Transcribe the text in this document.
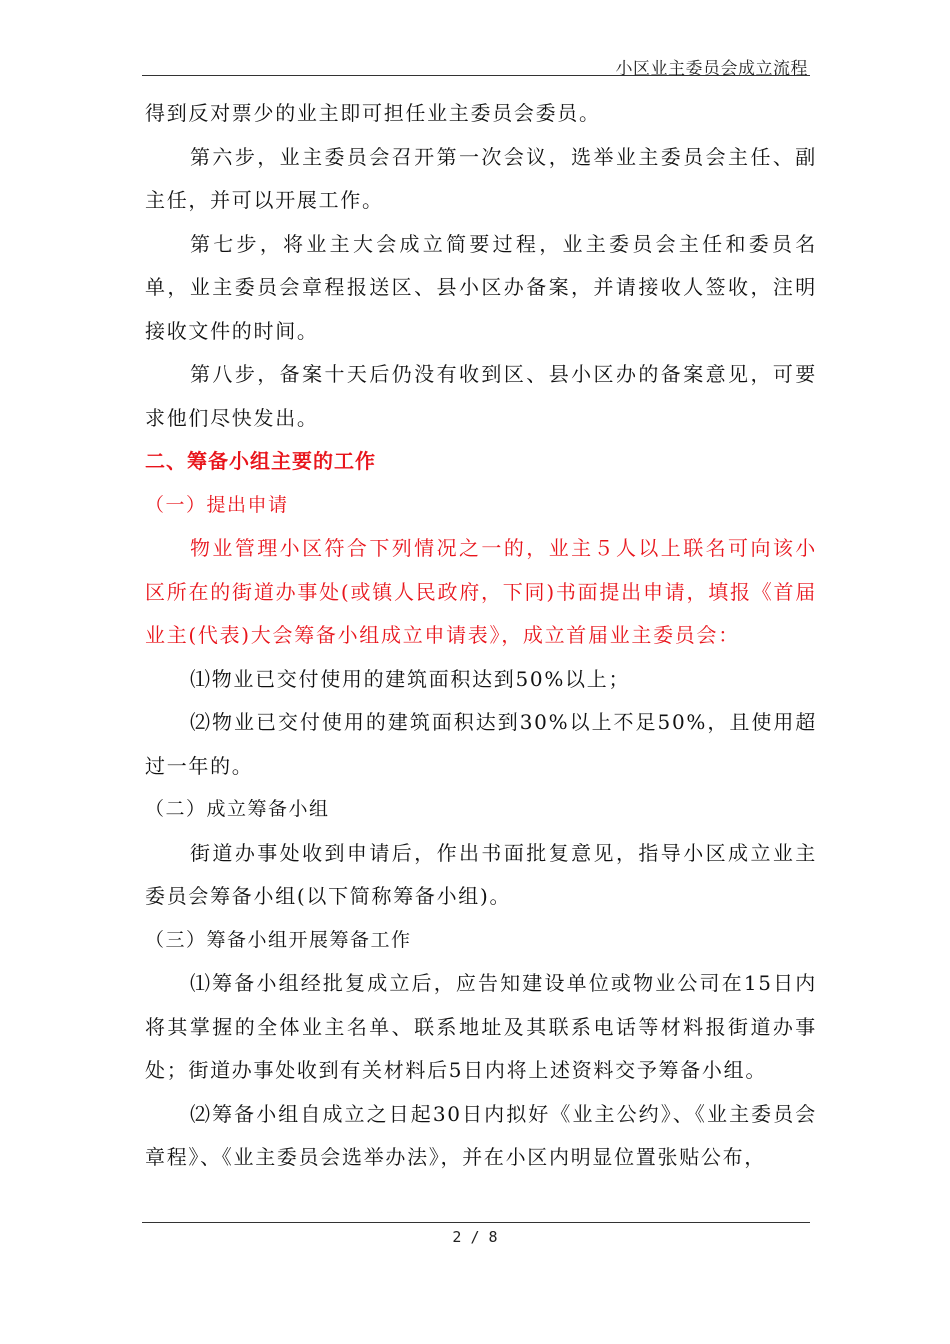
小区业主委员会成立流程

得到反对票少的业主即可担任业主委员会委员。

第六步，业主委员会召开第一次会议，选举业主委员会主任、副主任，并可以开展工作。

第七步，将业主大会成立简要过程，业主委员会主任和委员名单，业主委员会章程报送区、县小区办备案，并请接收人签收，注明接收文件的时间。

第八步，备案十天后仍没有收到区、县小区办的备案意见，可要求他们尽快发出。

二、筹备小组主要的工作

（一）提出申请

物业管理小区符合下列情况之一的，业主５人以上联名可向该小区所在的街道办事处(或镇人民政府，下同)书面提出申请，填报《首届业主(代表)大会筹备小组成立申请表》，成立首届业主委员会：

⑴物业已交付使用的建筑面积达到50%以上；

⑵物业已交付使用的建筑面积达到30%以上不足50%，且使用超过一年的。

（二）成立筹备小组

街道办事处收到申请后，作出书面批复意见，指导小区成立业主委员会筹备小组(以下简称筹备小组)。

（三）筹备小组开展筹备工作

⑴筹备小组经批复成立后，应告知建设单位或物业公司在15日内将其掌握的全体业主名单、联系地址及其联系电话等材料报街道办事处；街道办事处收到有关材料后5日内将上述资料交予筹备小组。

⑵筹备小组自成立之日起30日内拟好《业主公约》、《业主委员会章程》、《业主委员会选举办法》，并在小区内明显位置张贴公布，

2 / 8
